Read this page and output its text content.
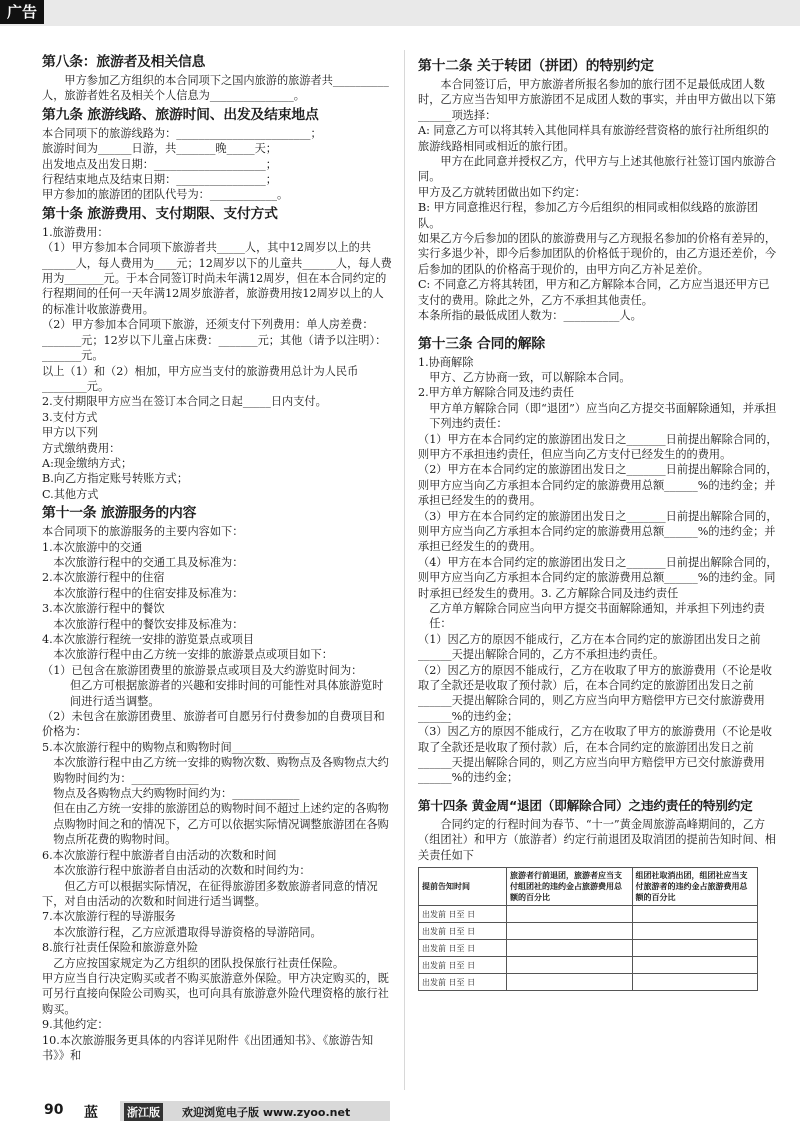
广告
第八条：旅游者及相关信息

甲方参加乙方组织的本合同项下之国内旅游的旅游者共__________人，旅游者姓名及相关个人信息为_______________。

第九条 旅游线路、旅游时间、出发及结束地点

本合同项下的旅游线路为：________________________；

旅游时间为______日游，共_______晚_____天；

出发地点及出发日期：____________________；

行程结束地点及结束日期：________________；

甲方参加的旅游团的团队代号为：____________。

第十条 旅游费用、支付期限、支付方式

1.旅游费用：

（1）甲方参加本合同项下旅游者共_____人，其中12周岁以上的共______人，每人费用为____元；12周岁以下的儿童共______人，每人费用为_______元。于本合同签订时尚未年满12周岁，但在本合同约定的行程期间的任何一天年满12周岁旅游者，旅游费用按12周岁以上的人的标准计收旅游费用。

（2）甲方参加本合同项下旅游，还须支付下列费用：单人房差费：_______元；12岁以下儿童占床费：_______元；其他（请予以注明）：_______元。

以上（1）和（2）相加，甲方应当支付的旅游费用总计为人民币________元。

2.支付期限甲方应当在签订本合同之日起_____日内支付。

3.支付方式

甲方以下列

方式缴纳费用：

A:现金缴纳方式；

B.向乙方指定账号转账方式；

C.其他方式

第十一条 旅游服务的内容

本合同项下的旅游服务的主要内容如下：

1.本次旅游中的交通

本次旅游行程中的交通工具及标准为：

2.本次旅游行程中的住宿

本次旅游行程中的住宿安排及标准为：

3.本次旅游行程中的餐饮

本次旅游行程中的餐饮安排及标准为：

4.本次旅游行程统一安排的游览景点或项目

本次旅游行程中由乙方统一安排的旅游景点或项目如下：

（1）已包含在旅游团费里的旅游景点或项目及大约游览时间为：

但乙方可根据旅游者的兴趣和安排时间的可能性对具体旅游览时间进行适当调整。

（2）未包含在旅游团费里、旅游者可自愿另行付费参加的自费项目和价格为：

5.本次旅游行程中的购物点和购物时间______________

本次旅游行程中由乙方统一安排的购物次数、购物点及各购物点大约购物时间约为：____________

物点及各购物点大约购物时间约为：____________

但在由乙方统一安排的旅游团总的购物时间不超过上述约定的各购物点购物时间之和的情况下，乙方可以依据实际情况调整旅游团在各购物点所花费的购物时间。

6.本次旅游行程中旅游者自由活动的次数和时间

本次旅游行程中旅游者自由活动的次数和时间约为：

但乙方可以根据实际情况，在征得旅游团多数旅游者同意的情况下，对自由活动的次数和时间进行适当调整。

7.本次旅游行程的导游服务

本次旅游行程，乙方应派遣取得导游资格的导游陪同。

8.旅行社责任保险和旅游意外险

乙方应按国家规定为乙方组织的团队投保旅行社责任保险。

甲方应当自行决定购买或者不购买旅游意外保险。甲方决定购买的，既可另行直接向保险公司购买，也可向具有旅游意外险代理资格的旅行社购买。

9.其他约定：

10.本次旅游服务更具体的内容详见附件《出团通知书》、《旅游告知书》》和

第十二条 关于转团（拼团）的特别约定

本合同签订后，甲方旅游者所报名参加的旅行团不足最低成团人数时，乙方应当告知甲方旅游团不足成团人数的事实，并由甲方做出以下第______项选择：

A: 同意乙方可以将其转入其他同样具有旅游经营资格的旅行社所组织的旅游线路相同或相近的旅行团。

甲方在此同意并授权乙方，代甲方与上述其他旅行社签订国内旅游合同。

甲方及乙方就转团做出如下约定：

B: 甲方同意推迟行程，参加乙方今后组织的相同或相似线路的旅游团队。

如果乙方今后参加的团队的旅游费用与乙方现报名参加的价格有差异的，实行多退少补，即今后参加团队的价格低于现价的，由乙方退还差价，今后参加的团队的价格高于现价的，由甲方向乙方补足差价。

C: 不同意乙方将其转团，甲方和乙方解除本合同，乙方应当退还甲方已支付的费用。除此之外，乙方不承担其他责任。

本条所指的最低成团人数为：__________人。

第十三条 合同的解除

1.协商解除

甲方、乙方协商一致，可以解除本合同。

2.甲方单方解除合同及违约责任

甲方单方解除合同（即“退团”）应当向乙方提交书面解除通知，并承担下列违约责任：

（1）甲方在本合同约定的旅游团出发日之_______日前提出解除合同的，则甲方不承担违约责任，但应当向乙方支付已经发生的的费用。

（2）甲方在本合同约定的旅游团出发日之_______日前提出解除合同的，则甲方应当向乙方承担本合同约定的旅游费用总额______%的违约金；并承担已经发生的的费用。

（3）甲方在本合同约定的旅游团出发日之_______日前提出解除合同的，则甲方应当向乙方承担本合同约定的旅游费用总额______%的违约金；并承担已经发生的的费用。

（4）甲方在本合同约定的旅游团出发日之_______日前提出解除合同的，则甲方应当向乙方承担本合同约定的旅游费用总额______%的违约金。同时承担已经发生的费用。3. 乙方解除合同及违约责任

乙方单方解除合同应当向甲方提交书面解除通知，并承担下列违约责任：

（1）因乙方的原因不能成行，乙方在本合同约定的旅游团出发日之前______天提出解除合同的，乙方不承担违约责任。

（2）因乙方的原因不能成行，乙方在收取了甲方的旅游费用（不论是收取了全款还是收取了预付款）后，在本合同约定的旅游团出发日之前______天提出解除合同的，则乙方应当向甲方赔偿甲方已交付旅游费用______%的违约金；

（3）因乙方的原因不能成行，乙方在收取了甲方的旅游费用（不论是收取了全款还是收取了预付款）后，在本合同约定的旅游团出发日之前______天提出解除合同的，则乙方应当向甲方赔偿甲方已交付旅游费用______%的违约金；

第十四条 黄金周“退团（即解除合同）之违约责任的特别约定

合同约定的行程时间为春节、“十一”黄金周旅游高峰期间的，乙方（组团社）和甲方（旅游者）约定行前退团及取消团的提前告知时间、相关责任如下

提前告知时间	旅游者行前退团，旅游者应当支付组团社的违约金占旅游费用总额的百分比	组团社取消出团，组团社应当支付旅游者的违约金占旅游费用总额的百分比
出发前 日至 日		
出发前 日至 日		
出发前 日至 日		
出发前 日至 日		
出发前 日至 日		
90 蓝	浙江版 欢迎浏览电子版 www.zyoo.net
